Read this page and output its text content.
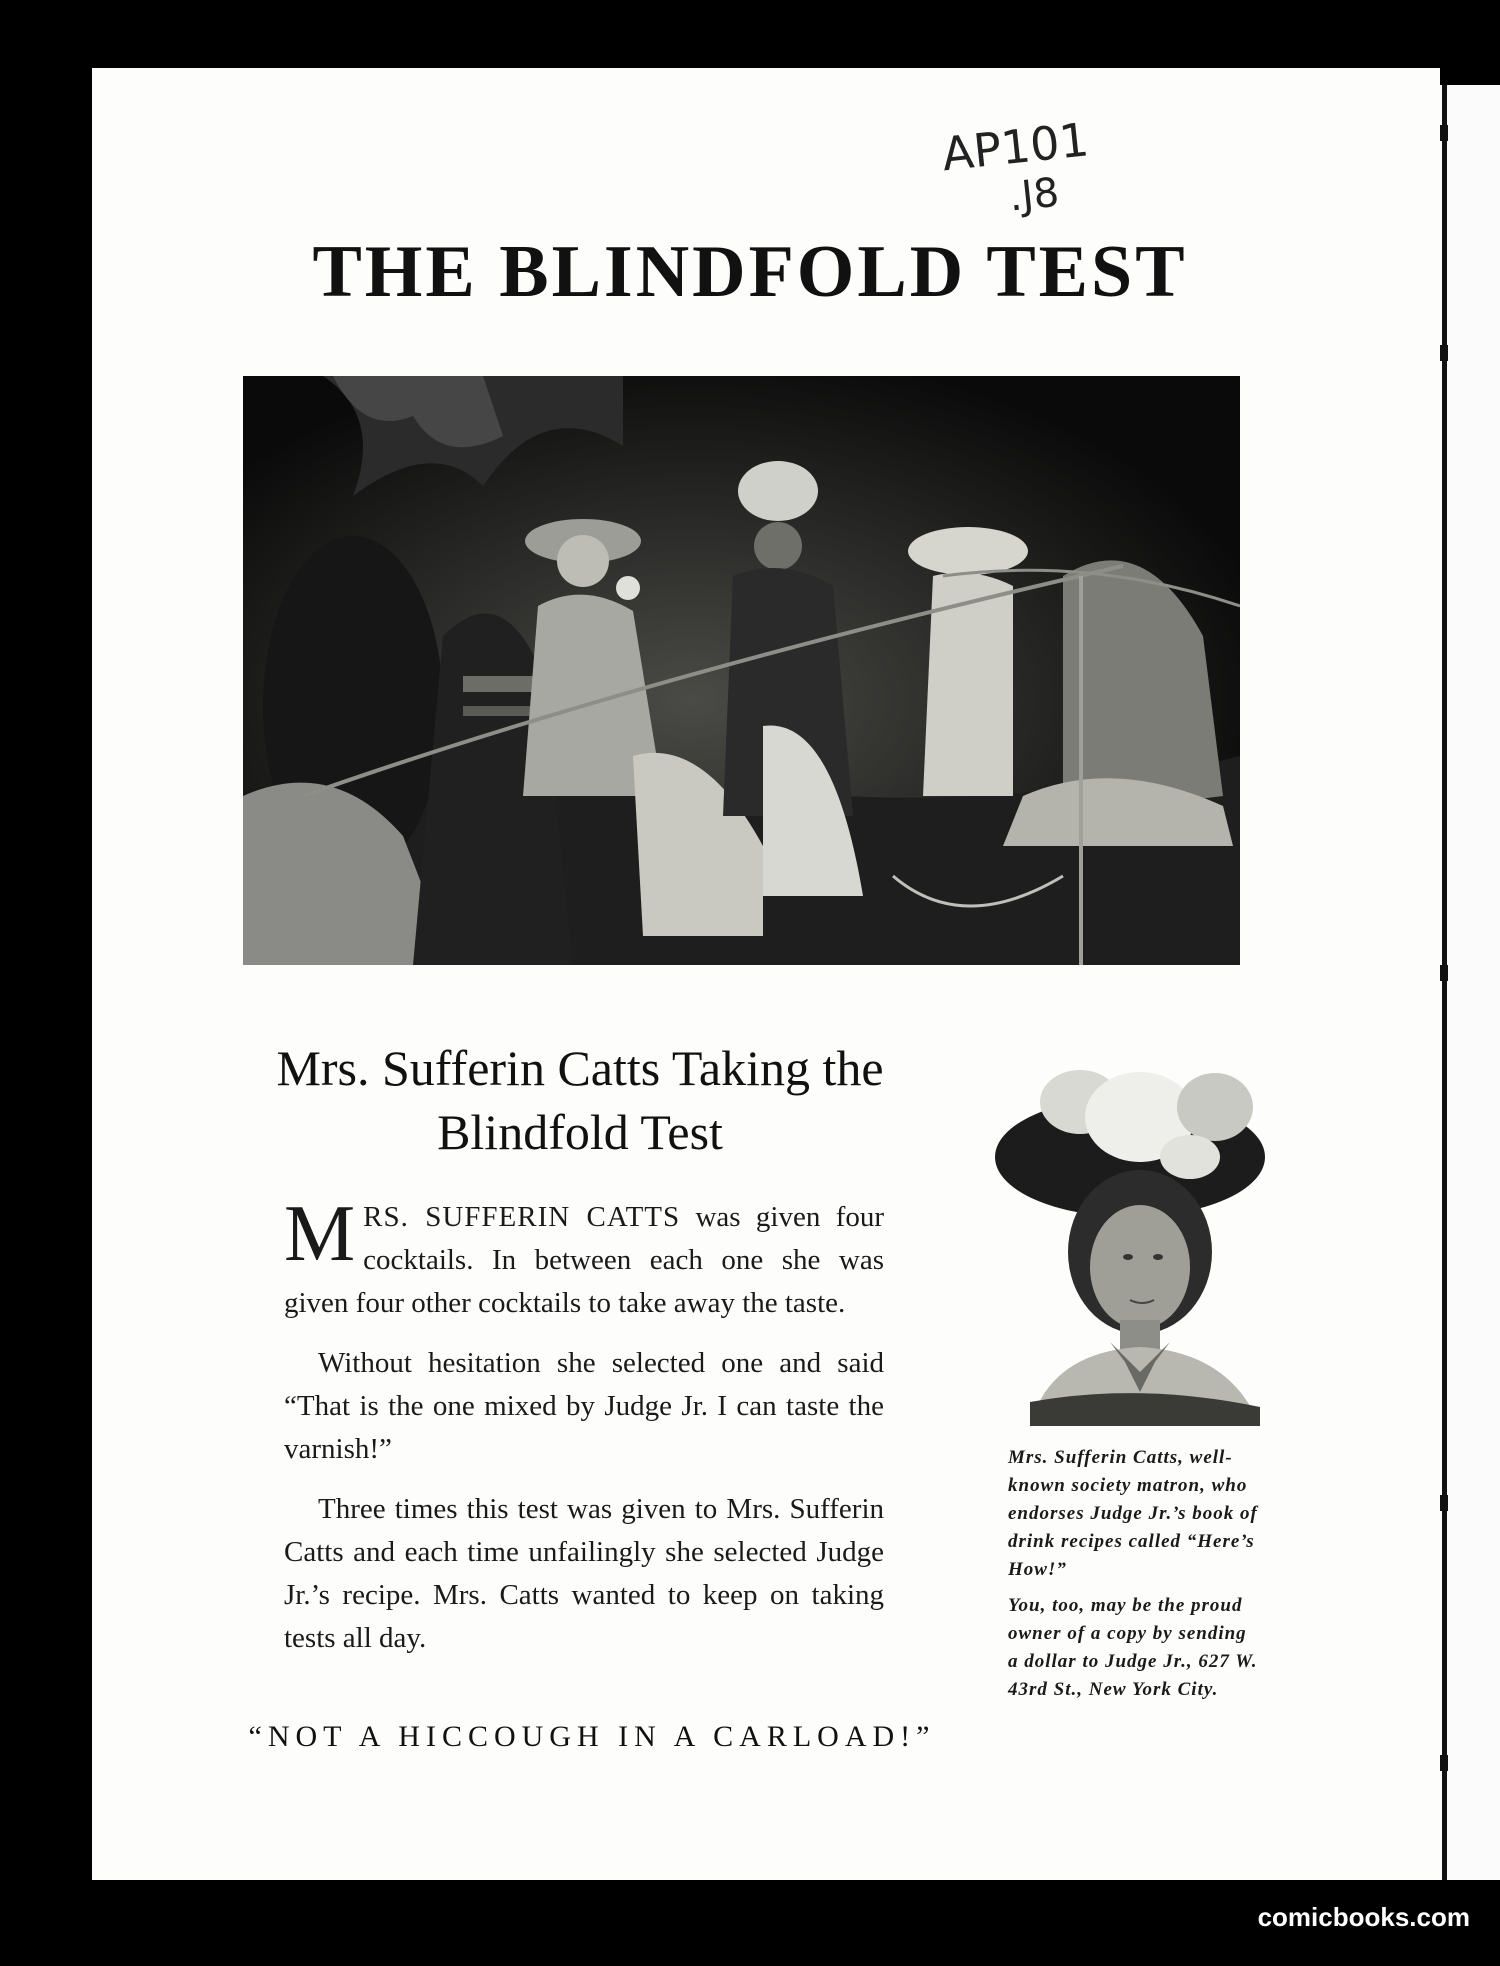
AP101
.J8
THE BLINDFOLD TEST
Mrs. Sufferin Catts Taking the
Blindfold Test

MRS. SUFFERIN CATTS was given four cocktails. In between each one she was given four other cocktails to take away the taste.

Without hesitation she selected one and said “That is the one mixed by Judge Jr. I can taste the varnish!”

Three times this test was given to Mrs. Sufferin Catts and each time unfailingly she selected Judge Jr.’s recipe. Mrs. Catts wanted to keep on taking tests all day.

“NOT A HICCOUGH IN A CARLOAD!”

Mrs. Sufferin Catts, well-known society matron, who endorses Judge Jr.’s book of drink recipes called “Here’s How!”

You, too, may be the proud owner of a copy by sending a dollar to Judge Jr., 627 W. 43rd St., New York City.

comicbooks.com
